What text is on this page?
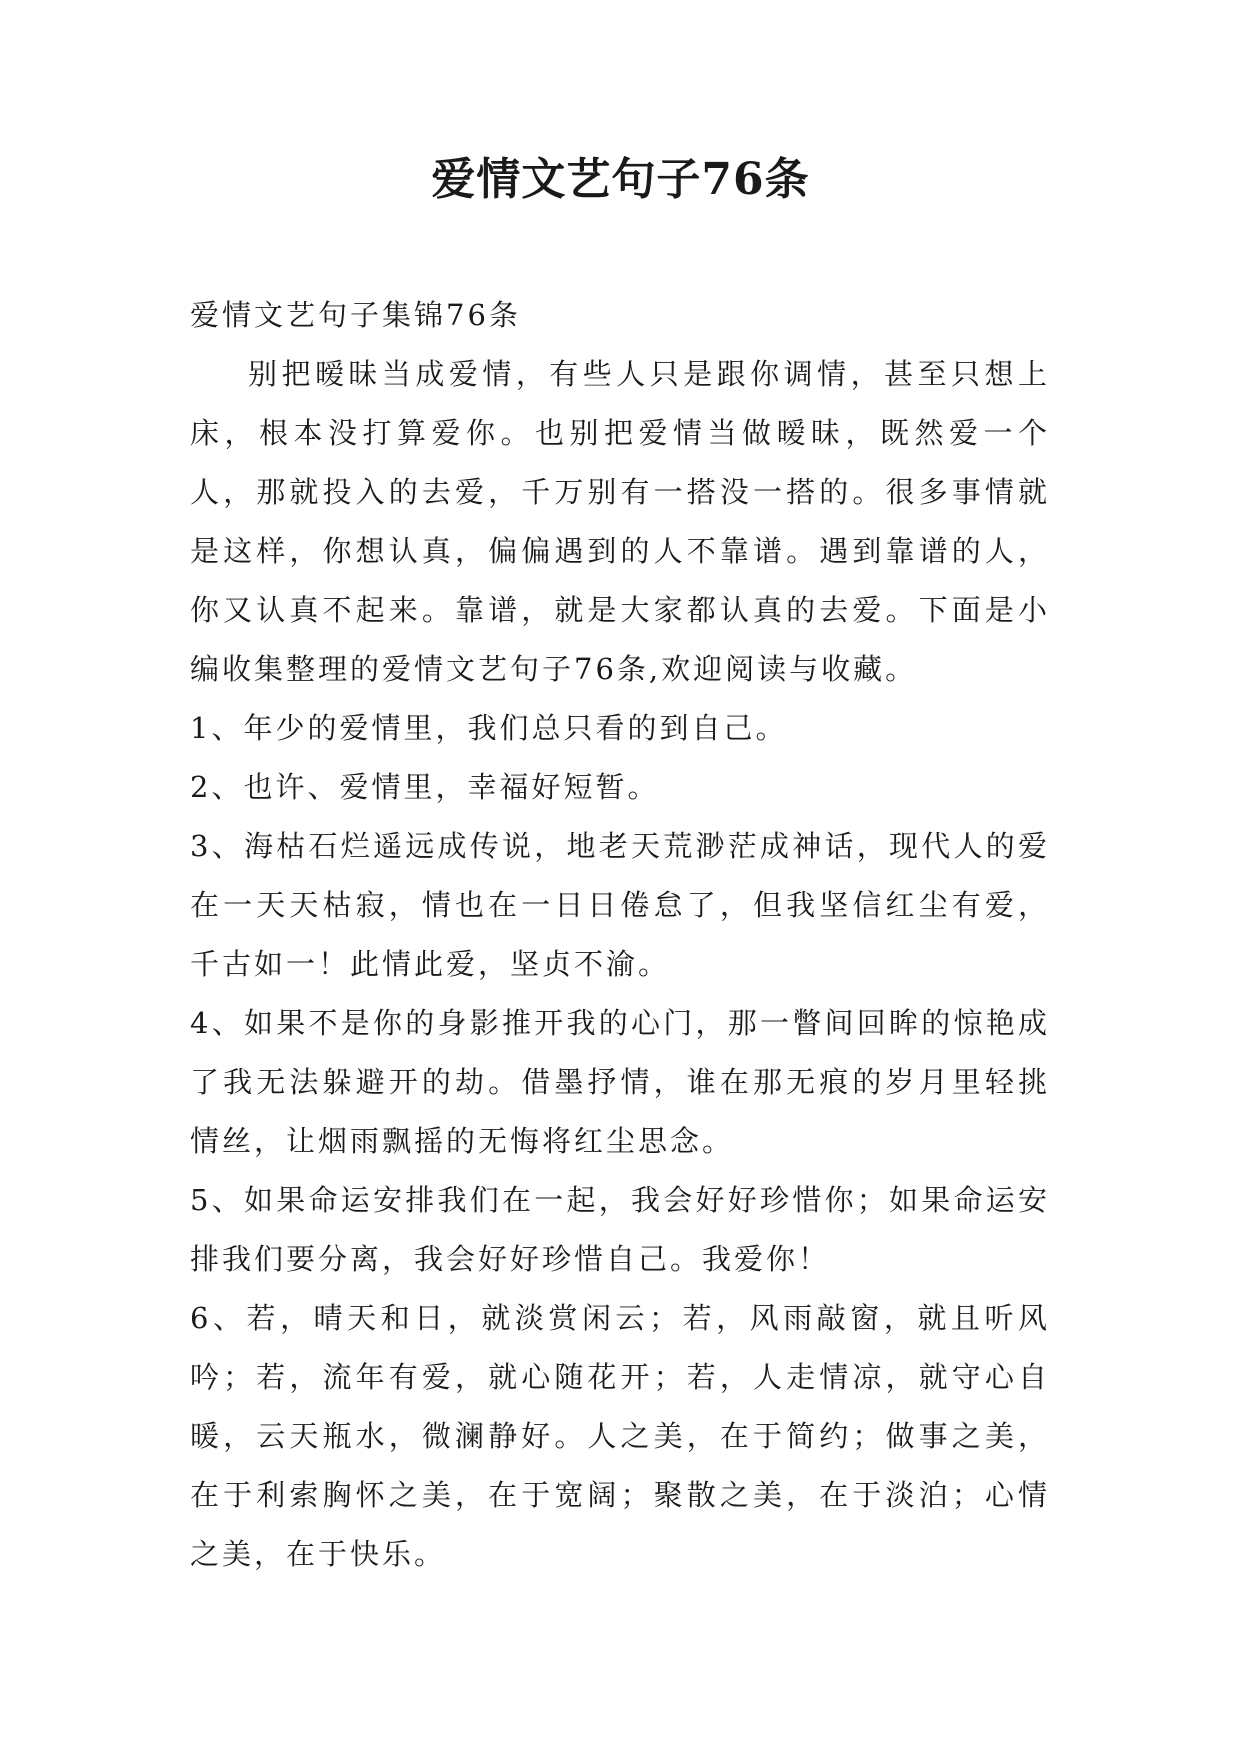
爱情文艺句子76条

爱情文艺句子集锦76条

别把暧昧当成爱情，有些人只是跟你调情，甚至只想上床，根本没打算爱你。也别把爱情当做暧昧，既然爱一个人，那就投入的去爱，千万别有一搭没一搭的。很多事情就是这样，你想认真，偏偏遇到的人不靠谱。遇到靠谱的人，你又认真不起来。靠谱，就是大家都认真的去爱。下面是小编收集整理的爱情文艺句子76条,欢迎阅读与收藏。

1、年少的爱情里，我们总只看的到自己。

2、也许、爱情里，幸福好短暂。

3、海枯石烂遥远成传说，地老天荒渺茫成神话，现代人的爱在一天天枯寂，情也在一日日倦怠了，但我坚信红尘有爱，千古如一！此情此爱，坚贞不渝。

4、如果不是你的身影推开我的心门，那一瞥间回眸的惊艳成了我无法躲避开的劫。借墨抒情，谁在那无痕的岁月里轻挑情丝，让烟雨飘摇的无悔将红尘思念。

5、如果命运安排我们在一起，我会好好珍惜你；如果命运安排我们要分离，我会好好珍惜自己。我爱你！

6、若，晴天和日，就淡赏闲云；若，风雨敲窗，就且听风吟；若，流年有爱，就心随花开；若，人走情凉，就守心自暖，云天瓶水，微澜静好。人之美，在于简约；做事之美，在于利索胸怀之美，在于宽阔；聚散之美，在于淡泊；心情之美，在于快乐。
